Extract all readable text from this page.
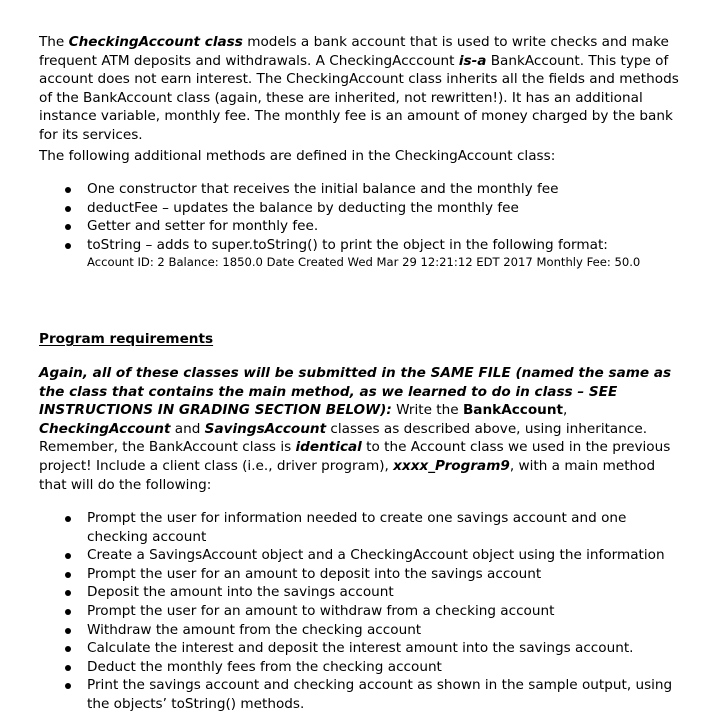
The CheckingAccount class models a bank account that is used to write checks and make frequent ATM deposits and withdrawals. A CheckingAcccount is-a BankAccount. This type of account does not earn interest. The CheckingAccount class inherits all the fields and methods of the BankAccount class (again, these are inherited, not rewritten!). It has an additional instance variable, monthly fee. The monthly fee is an amount of money charged by the bank for its services.

The following additional methods are defined in the CheckingAccount class:

One constructor that receives the initial balance and the monthly fee
deductFee – updates the balance by deducting the monthly fee
Getter and setter for monthly fee.
toString – adds to super.toString() to print the object in the following format:
Account ID: 2 Balance: 1850.0 Date Created Wed Mar 29 12:21:12 EDT 2017 Monthly Fee: 50.0
Program requirements

Again, all of these classes will be submitted in the SAME FILE (named the same as the class that contains the main method, as we learned to do in class – SEE INSTRUCTIONS IN GRADING SECTION BELOW): Write the BankAccount, CheckingAccount and SavingsAccount classes as described above, using inheritance. Remember, the BankAccount class is identical to the Account class we used in the previous project! Include a client class (i.e., driver program), xxxx_Program9, with a main method that will do the following:

Prompt the user for information needed to create one savings account and one checking account
Create a SavingsAccount object and a CheckingAccount object using the information
Prompt the user for an amount to deposit into the savings account
Deposit the amount into the savings account
Prompt the user for an amount to withdraw from a checking account
Withdraw the amount from the checking account
Calculate the interest and deposit the interest amount into the savings account.
Deduct the monthly fees from the checking account
Print the savings account and checking account as shown in the sample output, using the objects’ toString() methods.
